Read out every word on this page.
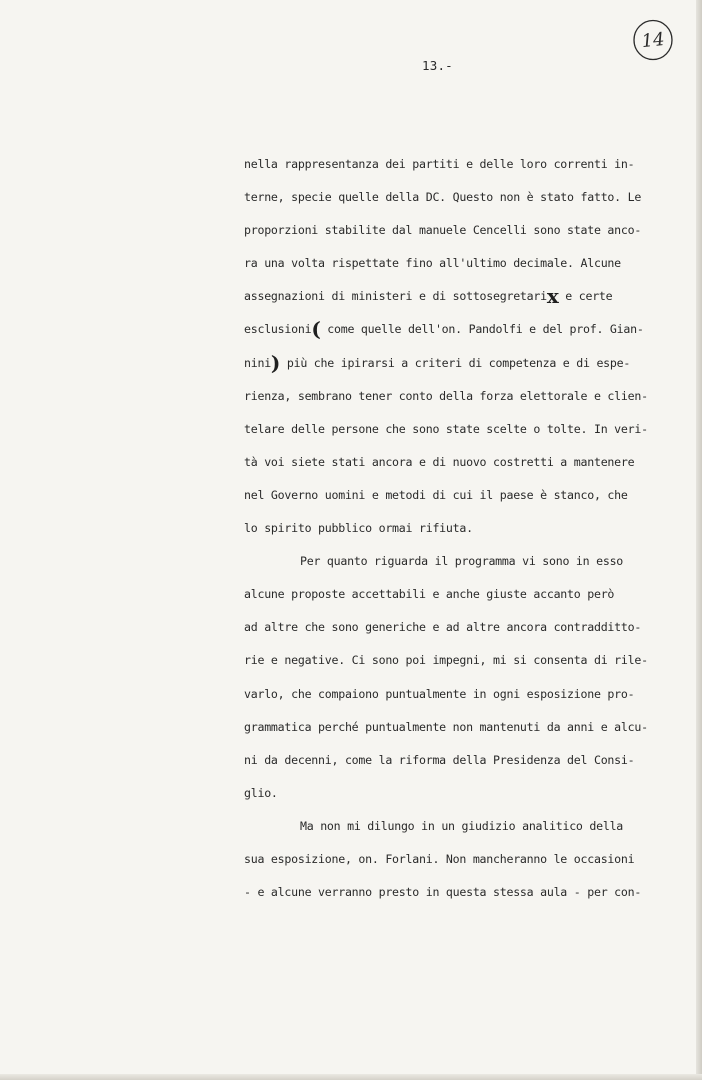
14
13.-
nella rappresentanza dei partiti e delle loro correnti in-
terne, specie quelle della DC. Questo non è stato fatto. Le
proporzioni stabilite dal manuele Cencelli sono state anco-
ra una volta rispettate fino all'ultimo decimale. Alcune
assegnazioni di ministeri e di sottosegretarix e certe
esclusioni( come quelle dell'on. Pandolfi e del prof. Gian-
nini) più che ipirarsi a criteri di competenza e di espe-
rienza, sembrano tener conto della forza elettorale e clien-
telare delle persone che sono state scelte o tolte. In veri-
tà voi siete stati ancora e di nuovo costretti a mantenere
nel Governo uomini e metodi di cui il paese è stanco, che
lo spirito pubblico ormai rifiuta.
Per quanto riguarda il programma vi sono in esso
alcune proposte accettabili e anche giuste accanto però
ad altre che sono generiche e ad altre ancora contradditto-
rie e negative. Ci sono poi impegni, mi si consenta di rile-
varlo, che compaiono puntualmente in ogni esposizione pro-
grammatica perché puntualmente non mantenuti da anni e alcu-
ni da decenni, come la riforma della Presidenza del Consi-
glio.
Ma non mi dilungo in un giudizio analitico della
sua esposizione, on. Forlani. Non mancheranno le occasioni
- e alcune verranno presto in questa stessa aula - per con-
